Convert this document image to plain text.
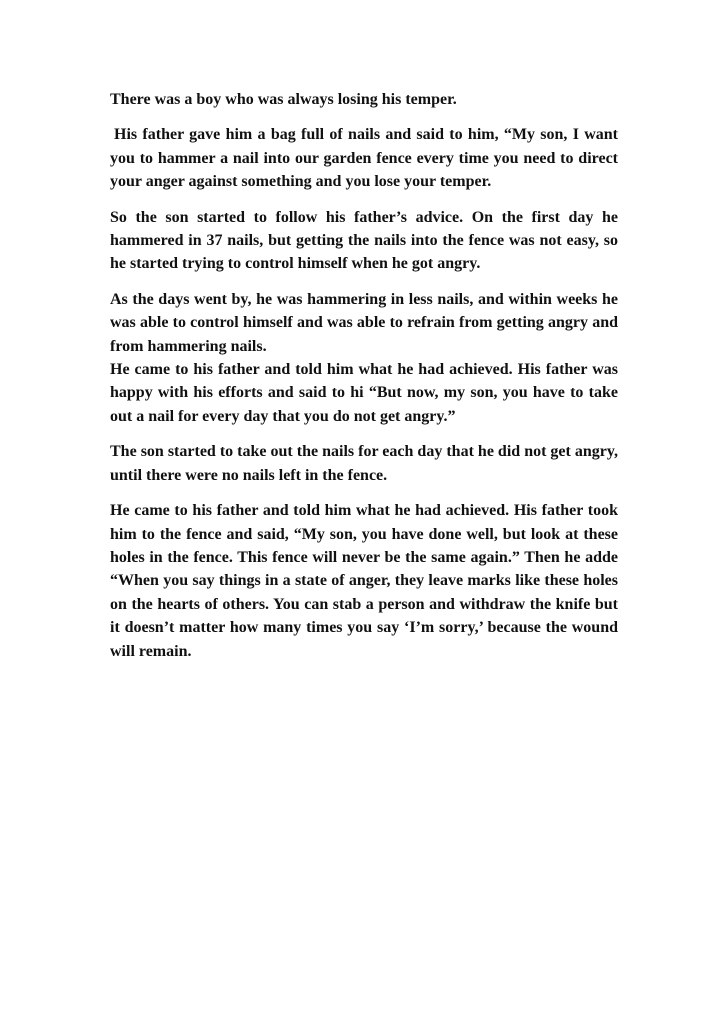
There was a boy who was always losing his temper.

His father gave him a bag full of nails and said to him, “My son, I want you to hammer a nail into our garden fence every time you need to direct your anger against something and you lose your temper.

So the son started to follow his father’s advice. On the first day he hammered in 37 nails, but getting the nails into the fence was not easy, so he started trying to control himself when he got angry.

As the days went by, he was hammering in less nails, and within weeks he was able to control himself and was able to refrain from getting angry and from hammering nails.

He came to his father and told him what he had achieved. His father was happy with his efforts and said to hi “But now, my son, you have to take out a nail for every day that you do not get angry.”

The son started to take out the nails for each day that he did not get angry, until there were no nails left in the fence.

He came to his father and told him what he had achieved. His father took him to the fence and said, “My son, you have done well, but look at these holes in the fence. This fence will never be the same again.” Then he adde “When you say things in a state of anger, they leave marks like these holes on the hearts of others. You can stab a person and withdraw the knife but it doesn’t matter how many times you say ‘I’m sorry,’ because the wound will remain.
